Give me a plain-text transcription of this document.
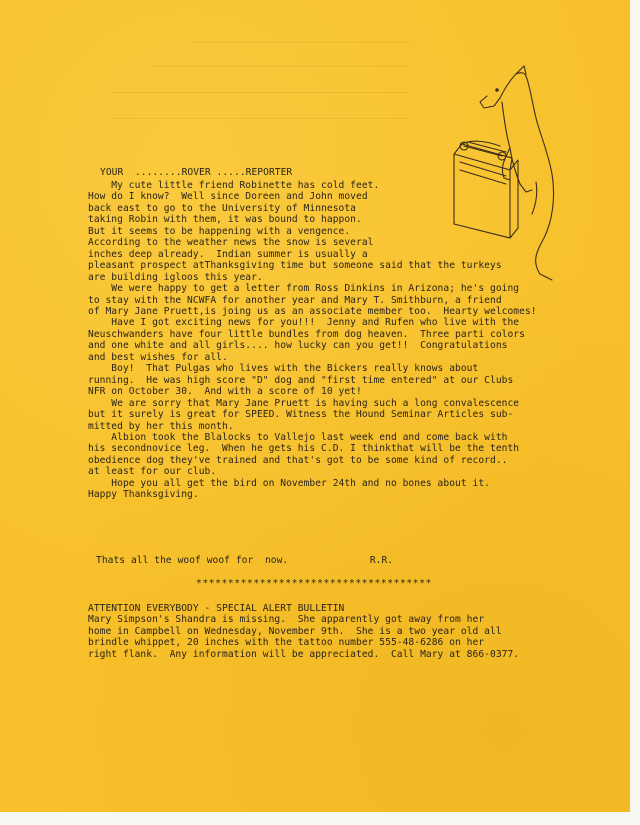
YOUR  ........ROVER .....REPORTER
My cute little friend Robinette has cold feet.
How do I know?  Well since Doreen and John moved
back east to go to the University of Minnesota
taking Robin with them, it was bound to happon.
But it seems to be happening with a vengence.
According to the weather news the snow is several
inches deep already.  Indian summer is usually a
pleasant prospect atThanksgiving time but someone said that the turkeys
are building igloos this year.
We were happy to get a letter from Ross Dinkins in Arizona; he's going
to stay with the NCWFA for another year and Mary T. Smithburn, a friend
of Mary Jane Pruett,is joing us as an associate member too.  Hearty welcomes!
Have I got exciting news for you!!!  Jenny and Rufen who live with the
Neuschwanders have four little bundles from dog heaven.  Three parti colors
and one white and all girls.... how lucky can you get!!  Congratulations
and best wishes for all.
Boy!  That Pulgas who lives with the Bickers really knows about
running.  He was high score "D" dog and "first time entered" at our Clubs
NFR on October 30.  And with a score of 10 yet!
We are sorry that Mary Jane Pruett is having such a long convalescence
but it surely is great for SPEED. Witness the Hound Seminar Articles sub-
mitted by her this month.
Albion took the Blalocks to Vallejo last week end and come back with
his secondnovice leg.  When he gets his C.D. I thinkthat will be the tenth
obedience dog they've trained and that's got to be some kind of record..
at least for our club.
Hope you all get the bird on November 24th and no bones about it.
Happy Thanksgiving.
Thats all the woof woof for  now.              R.R.
*************************************
ATTENTION EVERYBODY - SPECIAL ALERT BULLETIN
Mary Simpson's Shandra is missing.  She apparently got away from her
home in Campbell on Wednesday, November 9th.  She is a two year old all
brindle whippet, 20 inches with the tattoo number 555-48-6286 on her
right flank.  Any information will be appreciated.  Call Mary at 866-0377.
